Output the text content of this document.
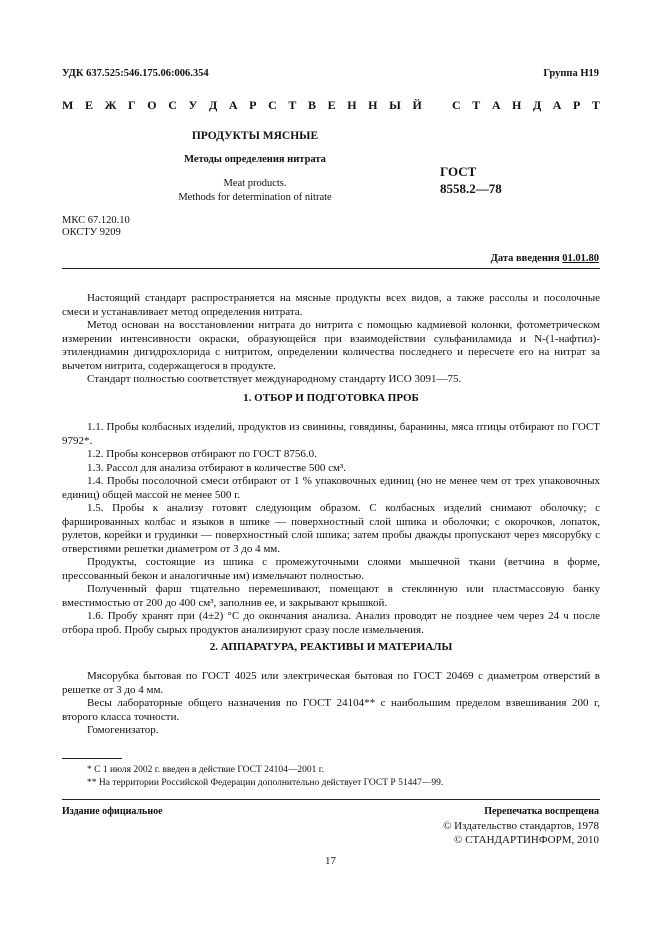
УДК 637.525:546.175.06:006.354	Группа Н19
М Е Ж Г О С У Д А Р С Т В Е Н Н Ы Й	С Т А Н Д А Р Т
ПРОДУКТЫ МЯСНЫЕ
Методы определения нитрата
Meat products.
Methods for determination of nitrate
ГОСТ
8558.2—78
МКС 67.120.10
ОКСТУ 9209
Дата введения 01.01.80

Настоящий стандарт распространяется на мясные продукты всех видов, а также рассолы и посолочные смеси и устанавливает метод определения нитрата.

Метод основан на восстановлении нитрата до нитрита с помощью кадмиевой колонки, фотометрическом измерении интенсивности окраски, образующейся при взаимодействии сульфаниламида и N-(1-нафтил)-этилендиамин дигидрохлорида с нитритом, определении количества последнего и пересчете его на нитрат за вычетом нитрита, содержащегося в продукте.

Стандарт полностью соответствует международному стандарту ИСО 3091—75.

1. ОТБОР И ПОДГОТОВКА ПРОБ

1.1. Пробы колбасных изделий, продуктов из свинины, говядины, баранины, мяса птицы отбирают по ГОСТ 9792*.

1.2. Пробы консервов отбирают по ГОСТ 8756.0.

1.3. Рассол для анализа отбирают в количестве 500 см³.

1.4. Пробы посолочной смеси отбирают от 1 % упаковочных единиц (но не менее чем от трех упаковочных единиц) общей массой не менее 500 г.

1.5. Пробы к анализу готовят следующим образом. С колбасных изделий снимают оболочку; с фаршированных колбас и языков в шпике — поверхностный слой шпика и оболочки; с окорочков, лопаток, рулетов, корейки и грудинки — поверхностный слой шпика; затем пробы дважды пропускают через мясорубку с отверстиями решетки диаметром от 3 до 4 мм.

Продукты, состоящие из шпика с промежуточными слоями мышечной ткани (ветчина в форме, прессованный бекон и аналогичные им) измельчают полностью.

Полученный фарш тщательно перемешивают, помещают в стеклянную или пластмассовую банку вместимостью от 200 до 400 см³, заполнив ее, и закрывают крышкой.

1.6. Пробу хранят при (4±2) °С до окончания анализа. Анализ проводят не позднее чем через 24 ч после отбора проб. Пробу сырых продуктов анализируют сразу после измельчения.

2. АППАРАТУРА, РЕАКТИВЫ И МАТЕРИАЛЫ

Мясорубка бытовая по ГОСТ 4025 или электрическая бытовая по ГОСТ 20469 с диаметром отверстий в решетке от 3 до 4 мм.

Весы лабораторные общего назначения по ГОСТ 24104** с наибольшим пределом взвешивания 200 г, второго класса точности.

Гомогенизатор.

* С 1 июля 2002 г. введен в действие ГОСТ 24104—2001 г.

** На территории Российской Федерации дополнительно действует ГОСТ Р 51447—99.

Издание официальное	Перепечатка воспрещена
© Издательство стандартов, 1978
© СТАНДАРТИНФОРМ, 2010
17
